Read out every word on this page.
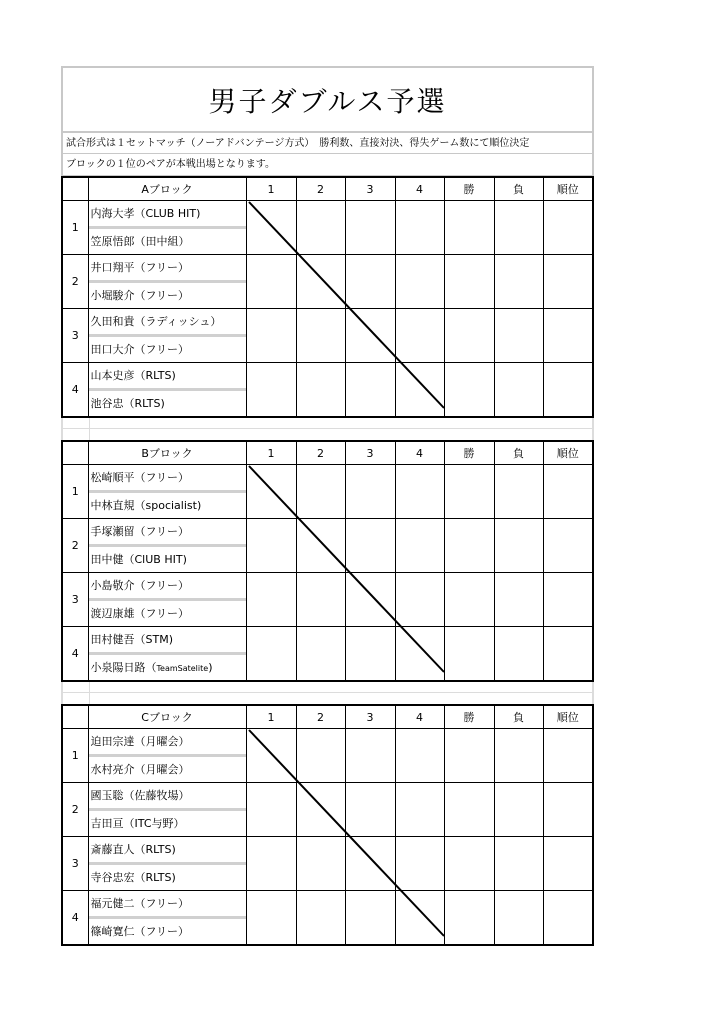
男子ダブルス予選
試合形式は１セットマッチ（ノーアドバンテージ方式）　勝利数、直接対決、得失ゲーム数にて順位決定
ブロックの１位のペアが本戦出場となります。
	Aブロック	1	2	3	4	勝	負	順位
1	内海大孝（CLUB HIT)
笠原悟郎（田中組）							

2	井口翔平（フリー）
小堀駿介（フリー）							

3	久田和貴（ラディッシュ）
田口大介（フリー）							

4	山本史彦（RLTS)
池谷忠（RLTS)							

	Bブロック	1	2	3	4	勝	負	順位
1	松崎順平（フリー）
中林直規（spocialist)							

2	手塚瀬留（フリー）
田中健（ClUB HIT)							

3	小島敬介（フリー）
渡辺康雄（フリー）							

4	田村健吾（STM)
小泉陽日路（TeamSatelite)							

	Cブロック	1	2	3	4	勝	負	順位
1	迫田宗達（月曜会）
水村亮介（月曜会）							

2	國玉聡（佐藤牧場）
吉田亘（ITC与野）							

3	斎藤直人（RLTS)
寺谷忠宏（RLTS)							

4	福元健二（フリー）
篠崎寛仁（フリー）							
